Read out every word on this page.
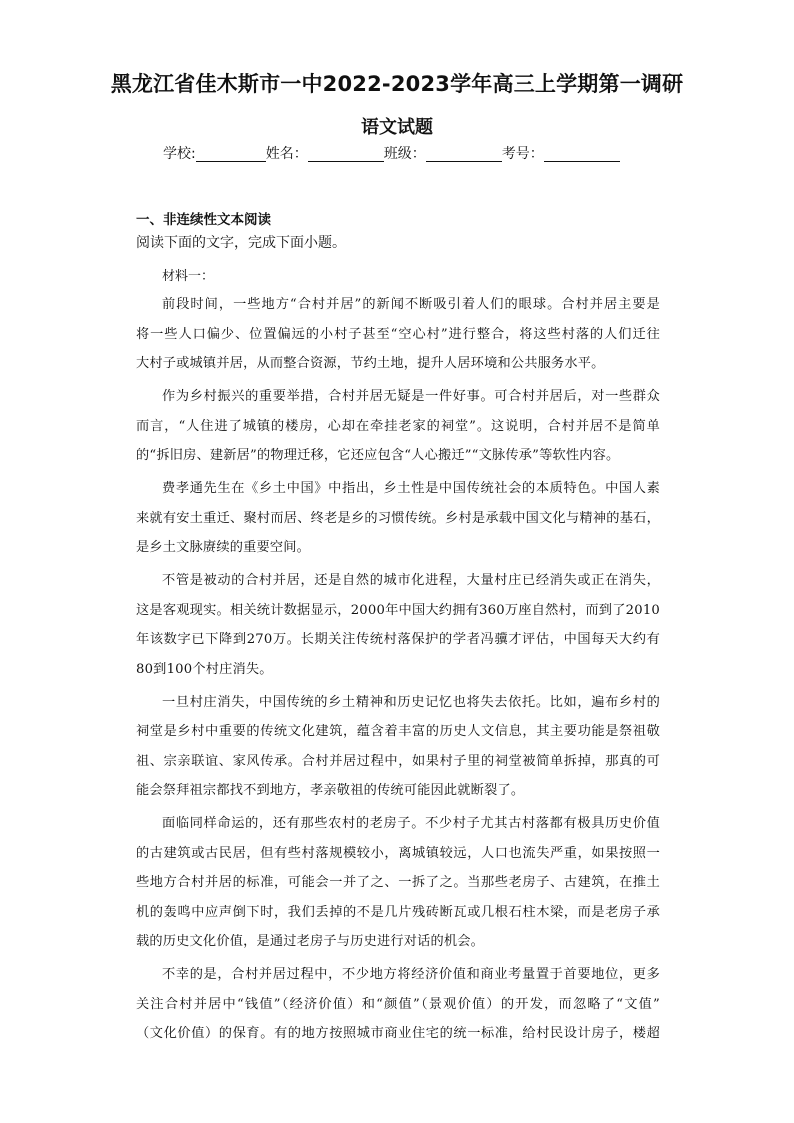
黑龙江省佳木斯市一中2022-2023学年高三上学期第一调研
语文试题
学校:	姓名：	班级：	考号：
一、非连续性文本阅读
阅读下面的文字，完成下面小题。
材料一：
前段时间，一些地方“合村并居”的新闻不断吸引着人们的眼球。合村并居主要是
将一些人口偏少、位置偏远的小村子甚至“空心村”进行整合，将这些村落的人们迁往
大村子或城镇并居，从而整合资源，节约土地，提升人居环境和公共服务水平。
作为乡村振兴的重要举措，合村并居无疑是一件好事。可合村并居后，对一些群众
而言，“人住进了城镇的楼房，心却在牵挂老家的祠堂”。这说明，合村并居不是简单
的“拆旧房、建新居”的物理迁移，它还应包含“人心搬迁”“文脉传承”等软性内容。
费孝通先生在《乡土中国》中指出，乡土性是中国传统社会的本质特色。中国人素
来就有安土重迁、聚村而居、终老是乡的习惯传统。乡村是承载中国文化与精神的基石，
是乡土文脉赓续的重要空间。
不管是被动的合村并居，还是自然的城市化进程，大量村庄已经消失或正在消失，
这是客观现实。相关统计数据显示，2000年中国大约拥有360万座自然村，而到了2010
年该数字已下降到270万。长期关注传统村落保护的学者冯骥才评估，中国每天大约有
80到100个村庄消失。
一旦村庄消失，中国传统的乡土精神和历史记忆也将失去依托。比如，遍布乡村的
祠堂是乡村中重要的传统文化建筑，蕴含着丰富的历史人文信息，其主要功能是祭祖敬
祖、宗亲联谊、家风传承。合村并居过程中，如果村子里的祠堂被简单拆掉，那真的可
能会祭拜祖宗都找不到地方，孝亲敬祖的传统可能因此就断裂了。
面临同样命运的，还有那些农村的老房子。不少村子尤其古村落都有极具历史价值
的古建筑或古民居，但有些村落规模较小，离城镇较远，人口也流失严重，如果按照一
些地方合村并居的标准，可能会一并了之、一拆了之。当那些老房子、古建筑，在推土
机的轰鸣中应声倒下时，我们丢掉的不是几片残砖断瓦或几根石柱木梁，而是老房子承
载的历史文化价值，是通过老房子与历史进行对话的机会。
不幸的是，合村并居过程中，不少地方将经济价值和商业考量置于首要地位，更多
关注合村并居中“钱值”（经济价值）和“颜值”（景观价值）的开发，而忽略了“文值”
（文化价值）的保育。有的地方按照城市商业住宅的统一标准，给村民设计房子，楼超
